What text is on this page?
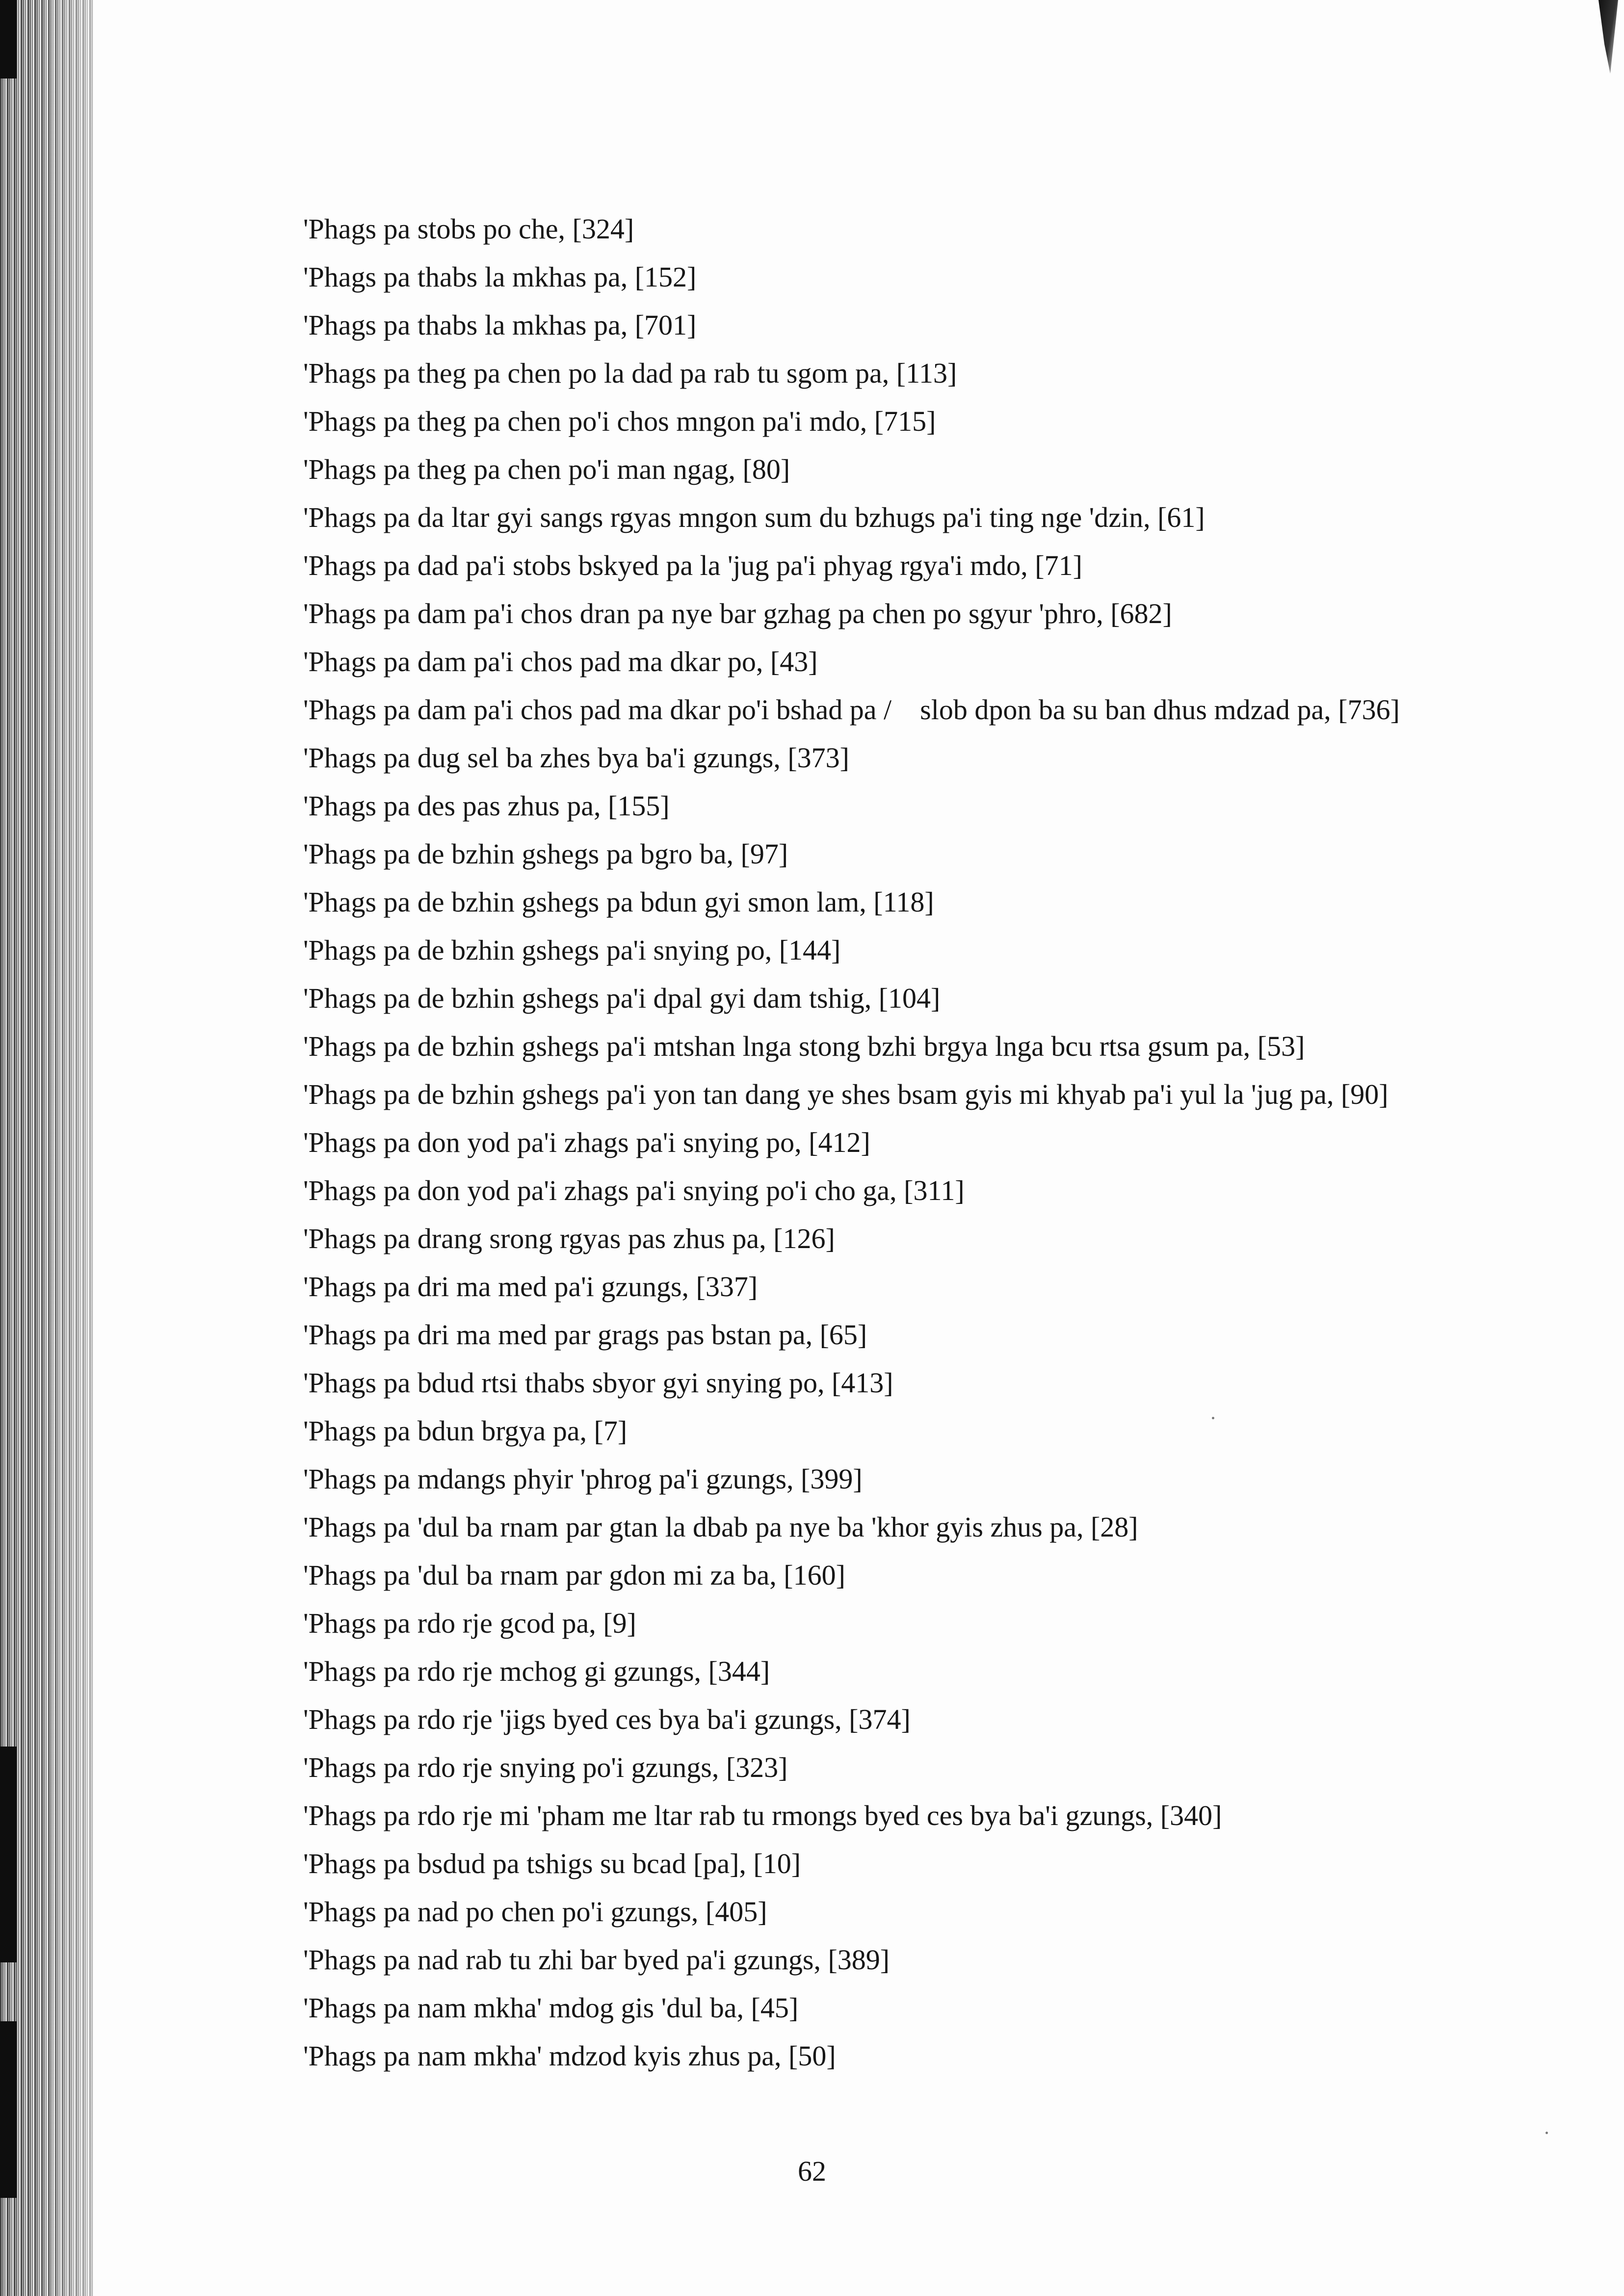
'Phags pa stobs po che, [324]
'Phags pa thabs la mkhas pa, [152]
'Phags pa thabs la mkhas pa, [701]
'Phags pa theg pa chen po la dad pa rab tu sgom pa, [113]
'Phags pa theg pa chen po'i chos mngon pa'i mdo, [715]
'Phags pa theg pa chen po'i man ngag, [80]
'Phags pa da ltar gyi sangs rgyas mngon sum du bzhugs pa'i ting nge 'dzin, [61]
'Phags pa dad pa'i stobs bskyed pa la 'jug pa'i phyag rgya'i mdo, [71]
'Phags pa dam pa'i chos dran pa nye bar gzhag pa chen po sgyur 'phro, [682]
'Phags pa dam pa'i chos pad ma dkar po, [43]
'Phags pa dam pa'i chos pad ma dkar po'i bshad pa /    slob dpon ba su ban dhus mdzad pa, [736]
'Phags pa dug sel ba zhes bya ba'i gzungs, [373]
'Phags pa des pas zhus pa, [155]
'Phags pa de bzhin gshegs pa bgro ba, [97]
'Phags pa de bzhin gshegs pa bdun gyi smon lam, [118]
'Phags pa de bzhin gshegs pa'i snying po, [144]
'Phags pa de bzhin gshegs pa'i dpal gyi dam tshig, [104]
'Phags pa de bzhin gshegs pa'i mtshan lnga stong bzhi brgya lnga bcu rtsa gsum pa, [53]
'Phags pa de bzhin gshegs pa'i yon tan dang ye shes bsam gyis mi khyab pa'i yul la 'jug pa, [90]
'Phags pa don yod pa'i zhags pa'i snying po, [412]
'Phags pa don yod pa'i zhags pa'i snying po'i cho ga, [311]
'Phags pa drang srong rgyas pas zhus pa, [126]
'Phags pa dri ma med pa'i gzungs, [337]
'Phags pa dri ma med par grags pas bstan pa, [65]
'Phags pa bdud rtsi thabs sbyor gyi snying po, [413]
'Phags pa bdun brgya pa, [7]
'Phags pa mdangs phyir 'phrog pa'i gzungs, [399]
'Phags pa 'dul ba rnam par gtan la dbab pa nye ba 'khor gyis zhus pa, [28]
'Phags pa 'dul ba rnam par gdon mi za ba, [160]
'Phags pa rdo rje gcod pa, [9]
'Phags pa rdo rje mchog gi gzungs, [344]
'Phags pa rdo rje 'jigs byed ces bya ba'i gzungs, [374]
'Phags pa rdo rje snying po'i gzungs, [323]
'Phags pa rdo rje mi 'pham me ltar rab tu rmongs byed ces bya ba'i gzungs, [340]
'Phags pa bsdud pa tshigs su bcad [pa], [10]
'Phags pa nad po chen po'i gzungs, [405]
'Phags pa nad rab tu zhi bar byed pa'i gzungs, [389]
'Phags pa nam mkha' mdog gis 'dul ba, [45]
'Phags pa nam mkha' mdzod kyis zhus pa, [50]
62
